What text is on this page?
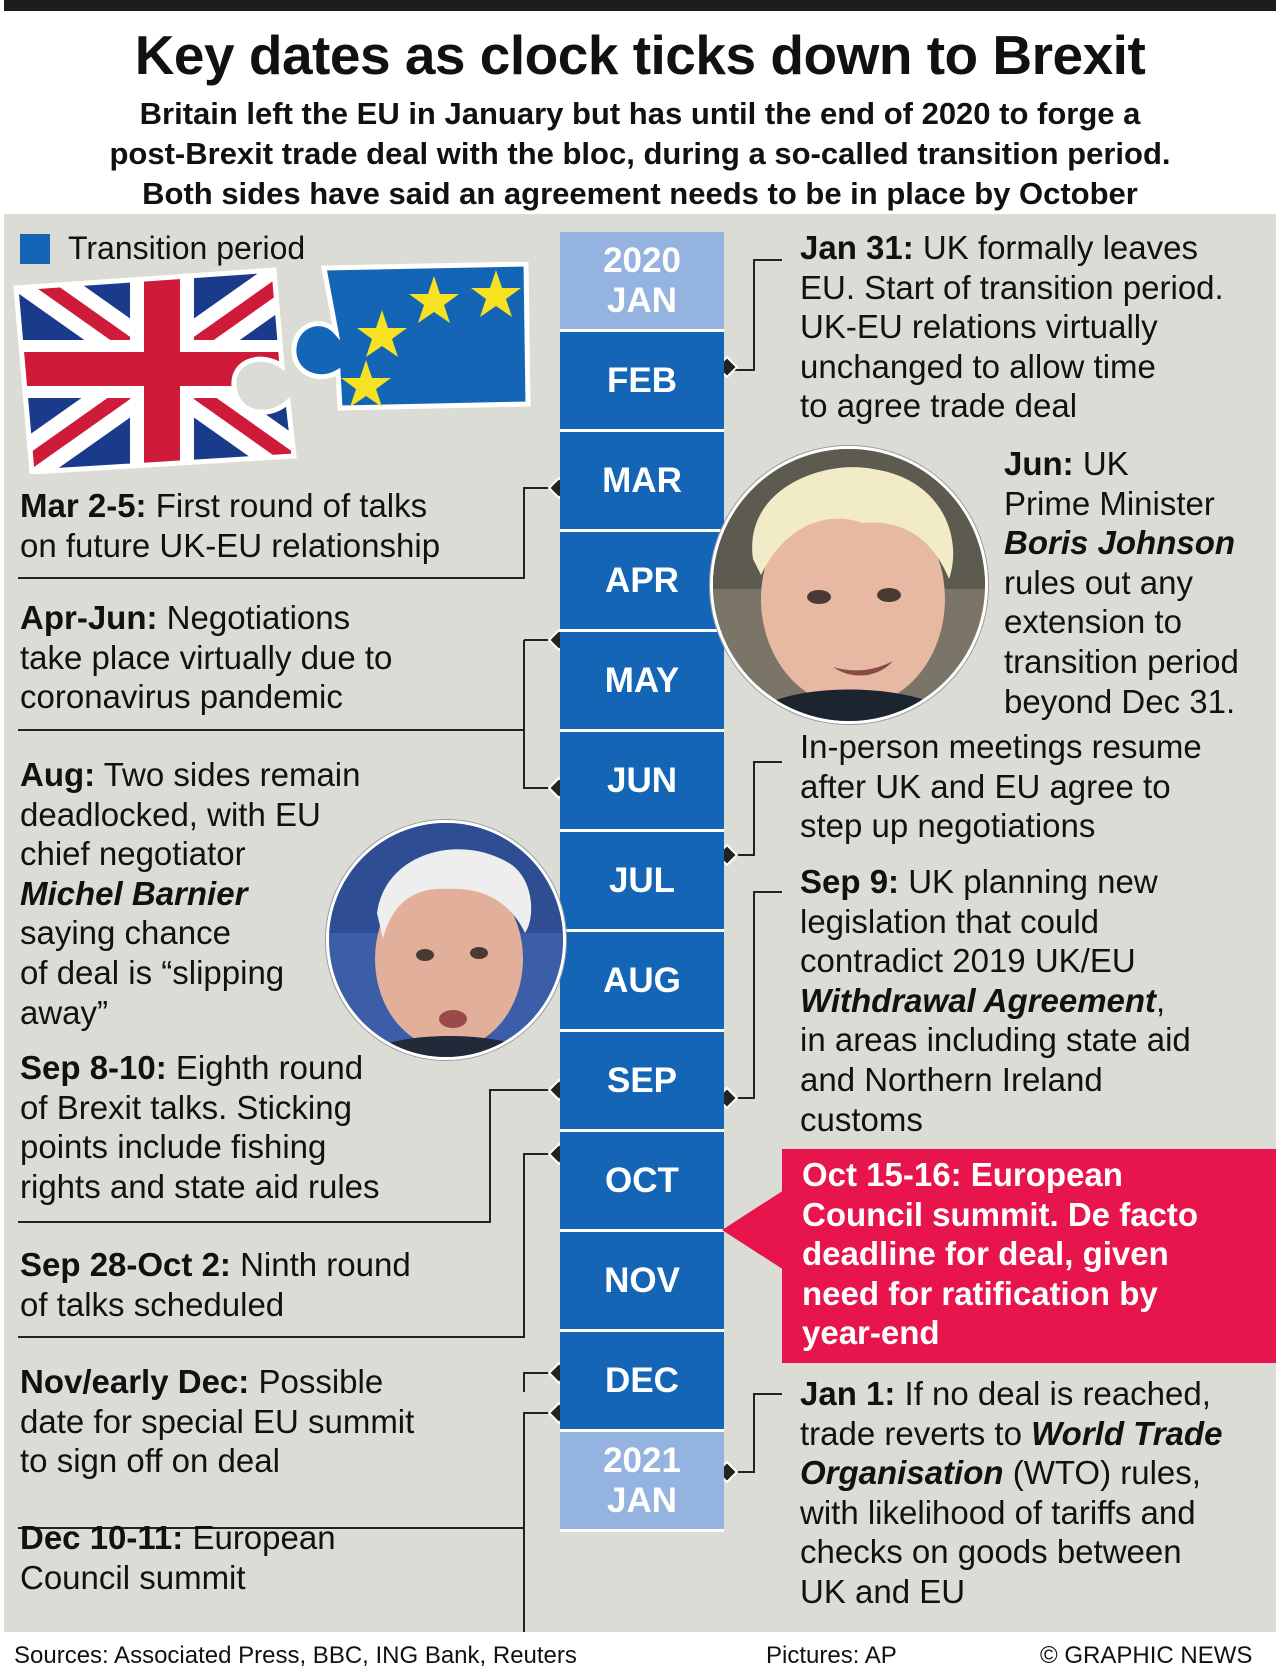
Key dates as clock ticks down to Brexit
Britain left the EU in January but has until the end of 2020 to forge a
post-Brexit trade deal with the bloc, during a so-called transition period.
Both sides have said an agreement needs to be in place by October
Transition period	2020
JAN
FEB
MAR
APR
MAY
JUN
JUL
AUG
SEP
OCT
NOV
DEC
2021
JAN
Jan 31: UK formally leaves
EU. Start of transition period.
UK-EU relations virtually
unchanged to allow time
to agree trade deal
Mar 2-5: First round of talks
on future UK-EU relationship
Jun: UK
Prime Minister
Boris Johnson
rules out any
extension to
transition period
beyond Dec 31.
Apr-Jun: Negotiations
take place virtually due to
coronavirus pandemic
In-person meetings resume
after UK and EU agree to
step up negotiations
Aug: Two sides remain
deadlocked, with EU
chief negotiator
Michel Barnier
saying chance
of deal is “slipping
away”
Sep 9: UK planning new
legislation that could
contradict 2019 UK/EU
Withdrawal Agreement,
in areas including state aid
and Northern Ireland
customs
Sep 8-10: Eighth round
of Brexit talks. Sticking
points include fishing
rights and state aid rules	Oct 15-16: European
Council summit. De facto
deadline for deal, given
need for ratification by
year-end
Sep 28-Oct 2: Ninth round
of talks scheduled
Nov/early Dec: Possible
date for special EU summit
to sign off on deal
Jan 1: If no deal is reached,
trade reverts to World Trade
Organisation (WTO) rules,
with likelihood of tariffs and
checks on goods between
UK and EU
Dec 10-11: European
Council summit
Sources: Associated Press, BBC, ING Bank, Reuters	Pictures: AP	© GRAPHIC NEWS
